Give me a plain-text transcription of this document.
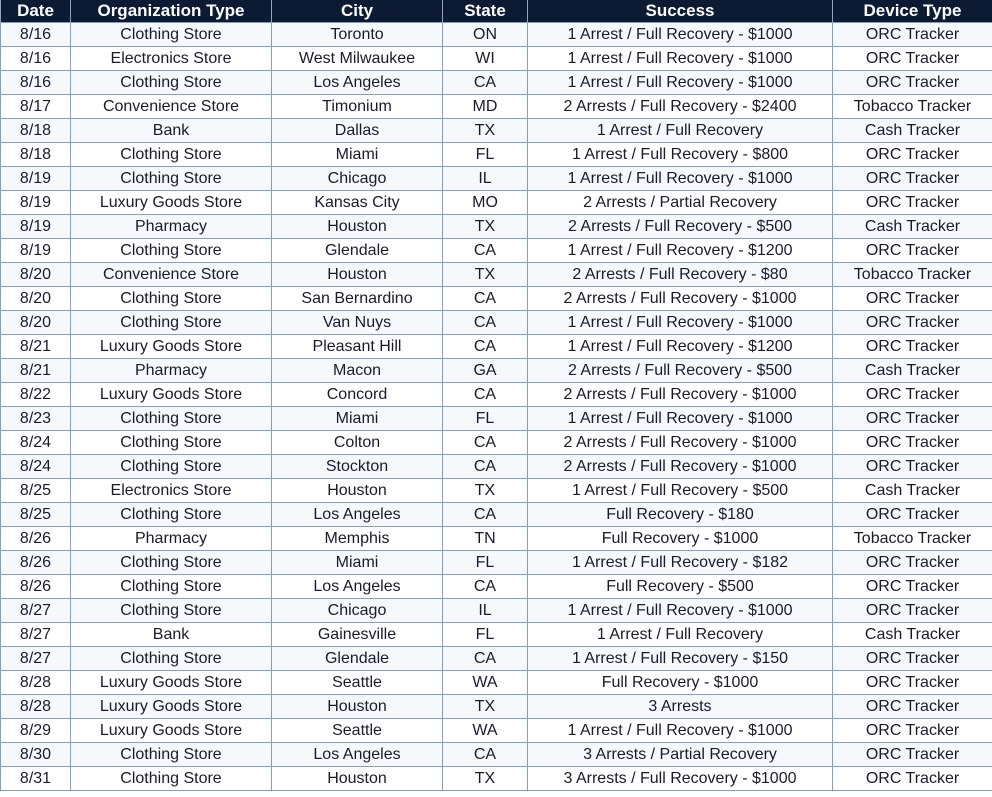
Date	Organization Type	City	State	Success	Device Type
8/16	Clothing Store	Toronto	ON	1 Arrest / Full Recovery - $1000	ORC Tracker
8/16	Electronics Store	West Milwaukee	WI	1 Arrest / Full Recovery - $1000	ORC Tracker
8/16	Clothing Store	Los Angeles	CA	1 Arrest / Full Recovery - $1000	ORC Tracker
8/17	Convenience Store	Timonium	MD	2 Arrests / Full Recovery - $2400	Tobacco Tracker
8/18	Bank	Dallas	TX	1 Arrest / Full Recovery	Cash Tracker
8/18	Clothing Store	Miami	FL	1 Arrest / Full Recovery - $800	ORC Tracker
8/19	Clothing Store	Chicago	IL	1 Arrest / Full Recovery - $1000	ORC Tracker
8/19	Luxury Goods Store	Kansas City	MO	2 Arrests / Partial Recovery	ORC Tracker
8/19	Pharmacy	Houston	TX	2 Arrests / Full Recovery - $500	Cash Tracker
8/19	Clothing Store	Glendale	CA	1 Arrest / Full Recovery - $1200	ORC Tracker
8/20	Convenience Store	Houston	TX	2 Arrests / Full Recovery - $80	Tobacco Tracker
8/20	Clothing Store	San Bernardino	CA	2 Arrests / Full Recovery - $1000	ORC Tracker
8/20	Clothing Store	Van Nuys	CA	1 Arrest / Full Recovery - $1000	ORC Tracker
8/21	Luxury Goods Store	Pleasant Hill	CA	1 Arrest / Full Recovery - $1200	ORC Tracker
8/21	Pharmacy	Macon	GA	2 Arrests / Full Recovery - $500	Cash Tracker
8/22	Luxury Goods Store	Concord	CA	2 Arrests / Full Recovery - $1000	ORC Tracker
8/23	Clothing Store	Miami	FL	1 Arrest / Full Recovery - $1000	ORC Tracker
8/24	Clothing Store	Colton	CA	2 Arrests / Full Recovery - $1000	ORC Tracker
8/24	Clothing Store	Stockton	CA	2 Arrests / Full Recovery - $1000	ORC Tracker
8/25	Electronics Store	Houston	TX	1 Arrest / Full Recovery - $500	Cash Tracker
8/25	Clothing Store	Los Angeles	CA	Full Recovery - $180	ORC Tracker
8/26	Pharmacy	Memphis	TN	Full Recovery - $1000	Tobacco Tracker
8/26	Clothing Store	Miami	FL	1 Arrest / Full Recovery - $182	ORC Tracker
8/26	Clothing Store	Los Angeles	CA	Full Recovery - $500	ORC Tracker
8/27	Clothing Store	Chicago	IL	1 Arrest / Full Recovery - $1000	ORC Tracker
8/27	Bank	Gainesville	FL	1 Arrest / Full Recovery	Cash Tracker
8/27	Clothing Store	Glendale	CA	1 Arrest / Full Recovery - $150	ORC Tracker
8/28	Luxury Goods Store	Seattle	WA	Full Recovery - $1000	ORC Tracker
8/28	Luxury Goods Store	Houston	TX	3 Arrests	ORC Tracker
8/29	Luxury Goods Store	Seattle	WA	1 Arrest / Full Recovery - $1000	ORC Tracker
8/30	Clothing Store	Los Angeles	CA	3 Arrests / Partial Recovery	ORC Tracker
8/31	Clothing Store	Houston	TX	3 Arrests / Full Recovery - $1000	ORC Tracker
